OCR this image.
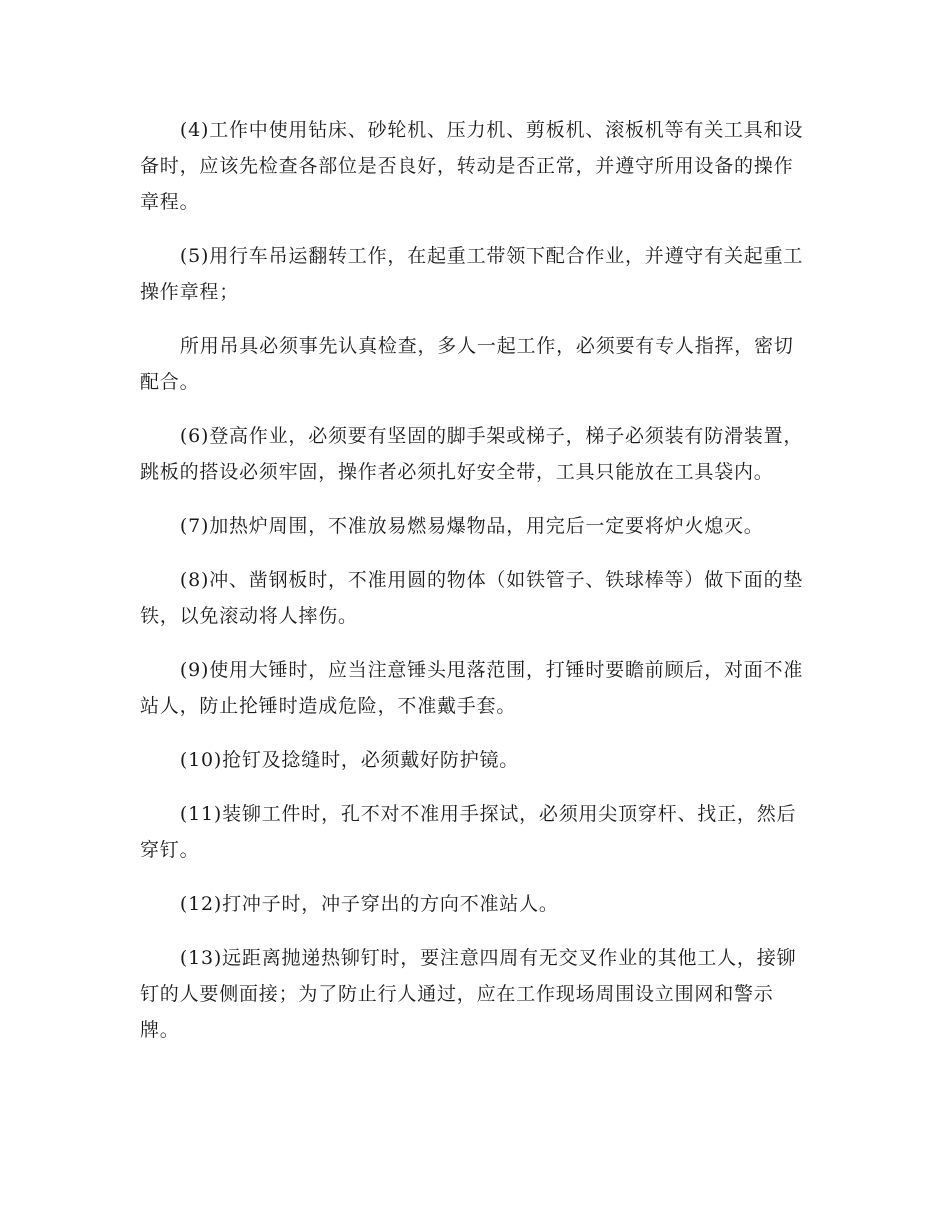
(4)工作中使用钻床、砂轮机、压力机、剪板机、滚板机等有关工具和设备时，应该先检查各部位是否良好，转动是否正常，并遵守所用设备的操作章程。

(5)用行车吊运翻转工作，在起重工带领下配合作业，并遵守有关起重工操作章程；

所用吊具必须事先认真检查，多人一起工作，必须要有专人指挥，密切配合。

(6)登高作业，必须要有坚固的脚手架或梯子，梯子必须装有防滑装置，跳板的搭设必须牢固，操作者必须扎好安全带，工具只能放在工具袋内。

(7)加热炉周围，不准放易燃易爆物品，用完后一定要将炉火熄灭。

(8)冲、凿钢板时，不准用圆的物体（如铁管子、铁球棒等）做下面的垫铁，以免滚动将人摔伤。

(9)使用大锤时，应当注意锤头甩落范围，打锤时要瞻前顾后，对面不准站人，防止抡锤时造成危险，不准戴手套。

(10)抢钉及捻缝时，必须戴好防护镜。

(11)装铆工件时，孔不对不准用手探试，必须用尖顶穿杆、找正，然后穿钉。

(12)打冲子时，冲子穿出的方向不准站人。

(13)远距离抛递热铆钉时，要注意四周有无交叉作业的其他工人，接铆钉的人要侧面接；为了防止行人通过，应在工作现场周围设立围网和警示牌。
